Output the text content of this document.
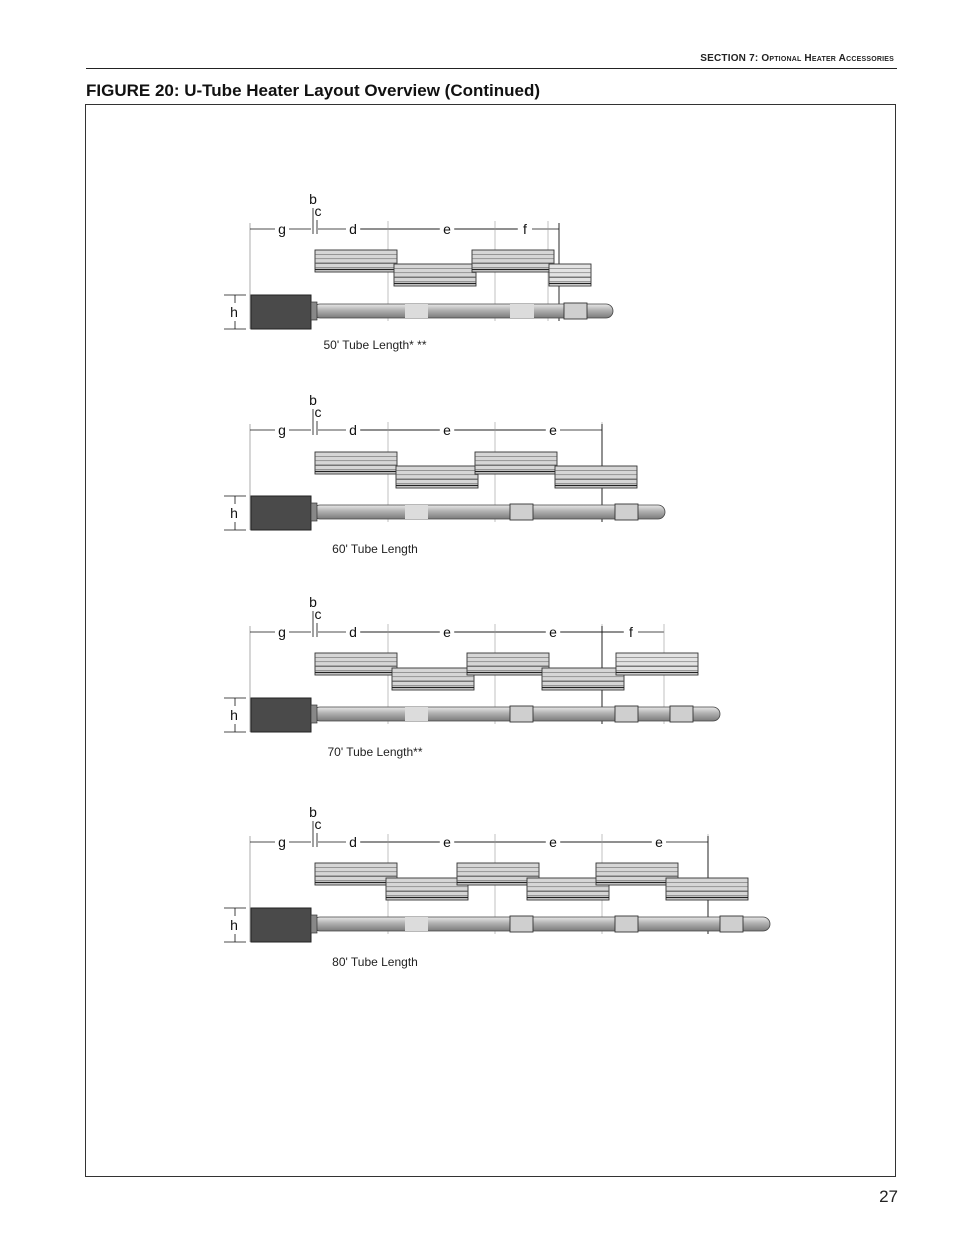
SECTION 7: Optional Heater Accessories
FIGURE 20: U-Tube Heater Layout Overview (Continued)
b
c
g	d	e	f
h
50' Tube Length* **
b
c
g	d	e	e
h
60' Tube Length
b
c
g	d	e	e	f
h
70' Tube Length**
b
c
g	d	e	e	e
h
80' Tube Length
27
